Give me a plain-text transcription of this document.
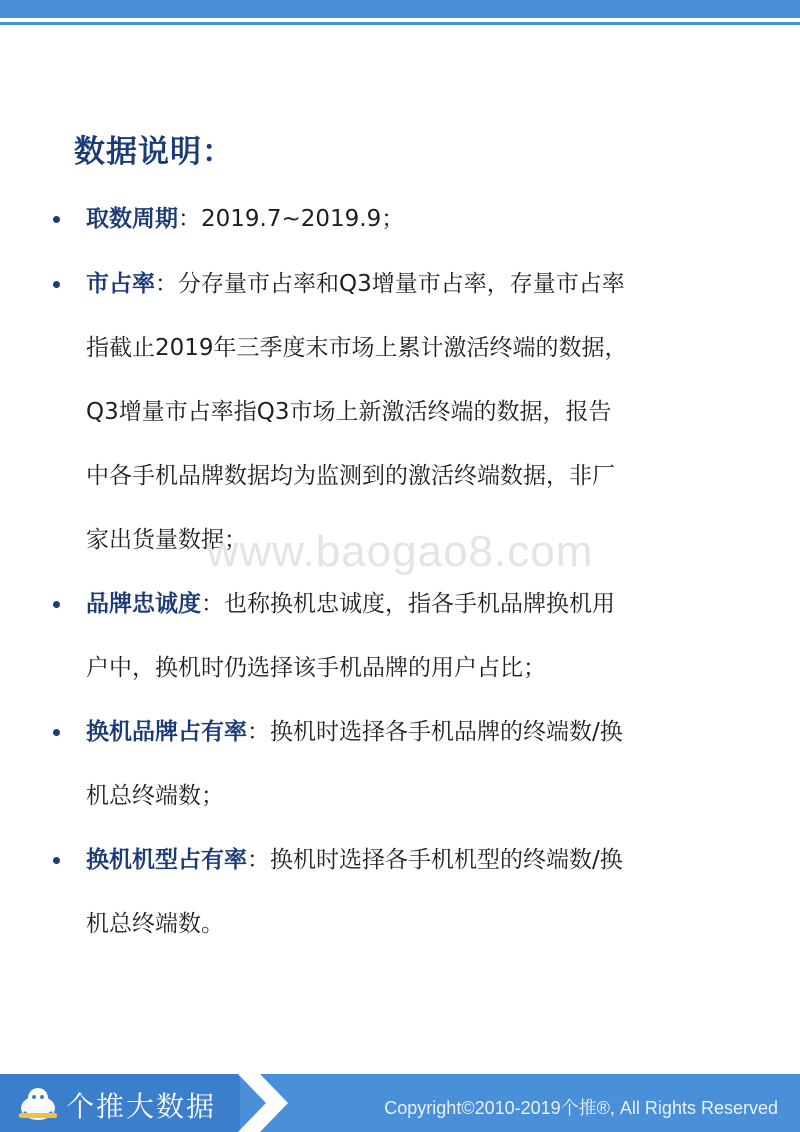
数据说明：
取数周期：2019.7~2019.9；
市占率：分存量市占率和Q3增量市占率，存量市占率
指截止2019年三季度末市场上累计激活终端的数据，
Q3增量市占率指Q3市场上新激活终端的数据，报告
中各手机品牌数据均为监测到的激活终端数据，非厂
家出货量数据；
品牌忠诚度：也称换机忠诚度，指各手机品牌换机用
户中，换机时仍选择该手机品牌的用户占比；
换机品牌占有率：换机时选择各手机品牌的终端数/换
机总终端数；
换机机型占有率：换机时选择各手机机型的终端数/换
机总终端数。
www.baogao8.com
个推大数据	Copyright©2010-2019个推®, All Rights Reserved
